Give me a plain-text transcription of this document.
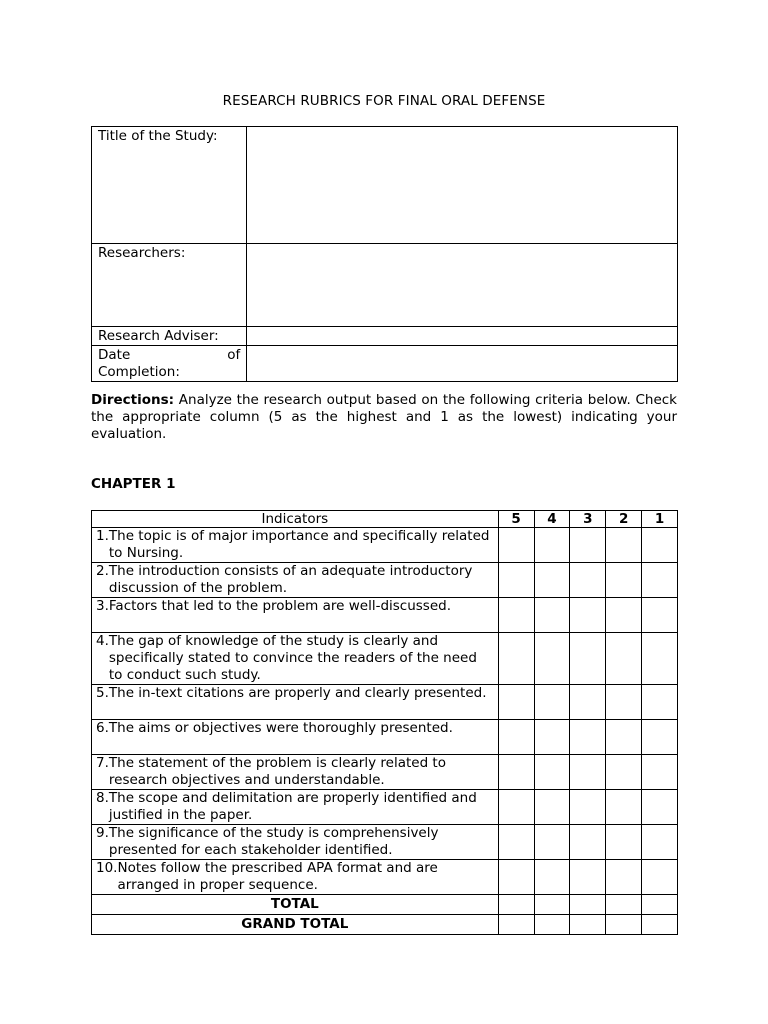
RESEARCH RUBRICS FOR FINAL ORAL DEFENSE
Title of the Study:	
Researchers:	
Research Adviser:	

Date of
Completion:	

Directions: Analyze the research output based on the following criteria below. Check the appropriate column (5 as the highest and 1 as the lowest) indicating your evaluation.
CHAPTER 1
Indicators	5	4	3	2	1

1. The topic is of major importance and specifically related to Nursing.					

2. The introduction consists of an adequate introductory discussion of the problem.					

3. Factors that led to the problem are well-discussed.					

4. The gap of knowledge of the study is clearly and specifically stated to convince the readers of the need to conduct such study.					

5. The in-text citations are properly and clearly presented.					

6. The aims or objectives were thoroughly presented.					

7. The statement of the problem is clearly related to research objectives and understandable.					

8. The scope and delimitation are properly identified and justified in the paper.					

9. The significance of the study is comprehensively presented for each stakeholder identified.					

10. Notes follow the prescribed APA format and are arranged in proper sequence.					

TOTAL					
GRAND TOTAL					
